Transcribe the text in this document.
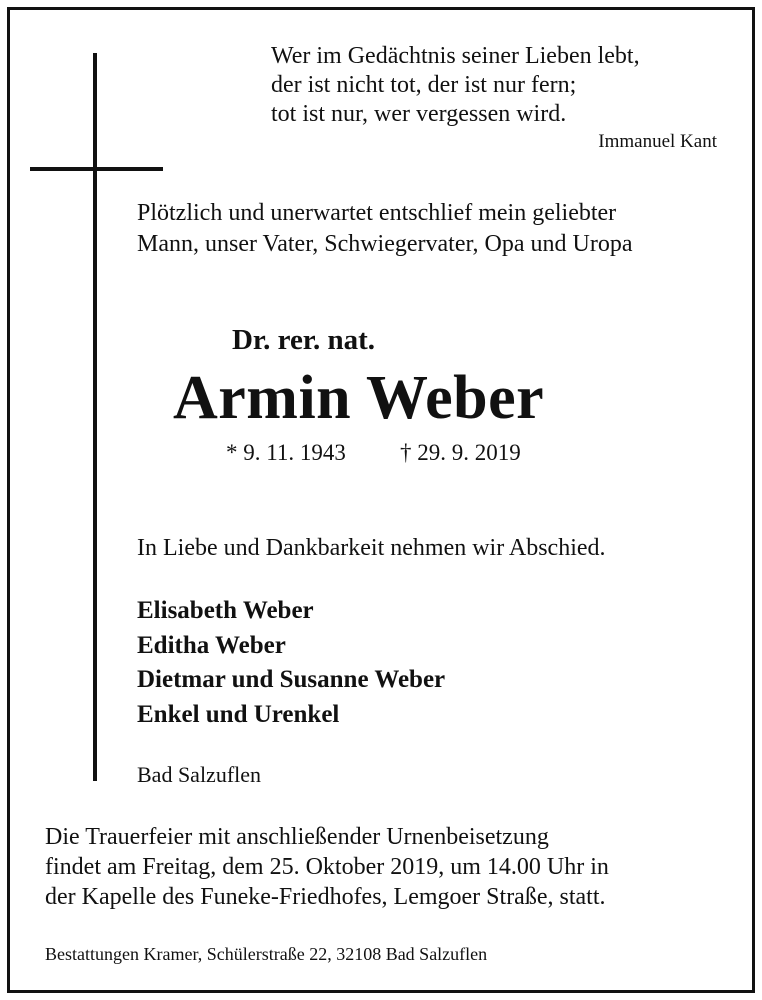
Wer im Gedächtnis seiner Lieben lebt,
der ist nicht tot, der ist nur fern;
tot ist nur, wer vergessen wird.
Immanuel Kant
Plötzlich und unerwartet entschlief mein geliebter
Mann, unser Vater, Schwiegervater, Opa und Uropa
Dr. rer. nat.
Armin Weber
* 9. 11. 1943 † 29. 9. 2019
In Liebe und Dankbarkeit nehmen wir Abschied.
Elisabeth Weber
Editha Weber
Dietmar und Susanne Weber
Enkel und Urenkel
Bad Salzuflen
Die Trauerfeier mit anschließender Urnenbeisetzung
findet am Freitag, dem 25. Oktober 2019, um 14.00 Uhr in
der Kapelle des Funeke-Friedhofes, Lemgoer Straße, statt.
Bestattungen Kramer, Schülerstraße 22, 32108 Bad Salzuflen
